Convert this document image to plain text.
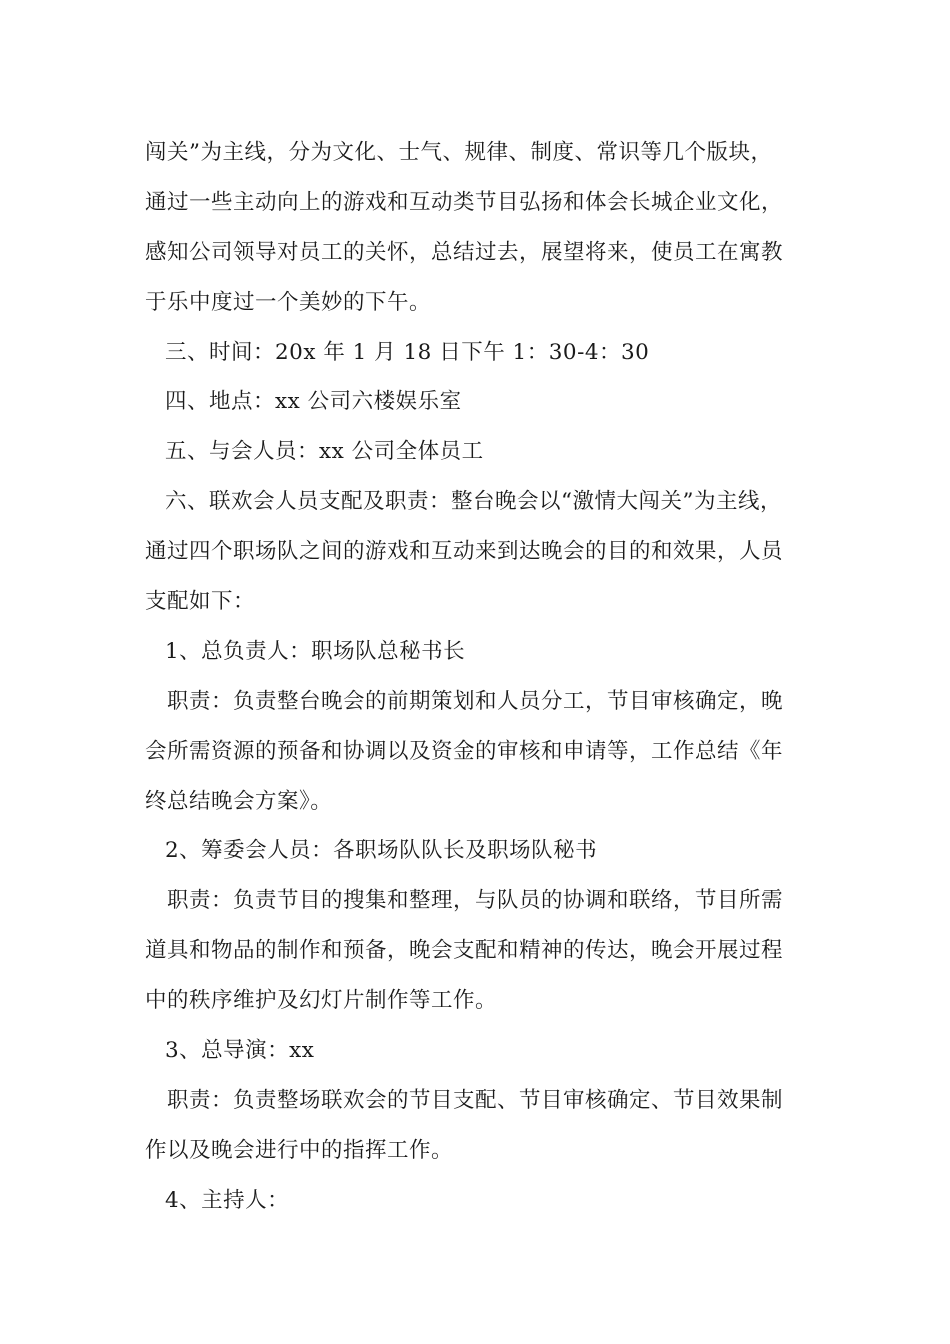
闯关”为主线，分为文化、士气、规律、制度、常识等几个版块，
通过一些主动向上的游戏和互动类节目弘扬和体会长城企业文化，
感知公司领导对员工的关怀，总结过去，展望将来，使员工在寓教
于乐中度过一个美妙的下午。
三、时间：20x 年 1 月 18 日下午 1：30-4：30
四、地点：xx 公司六楼娱乐室
五、与会人员：xx 公司全体员工
六、联欢会人员支配及职责：整台晚会以“激情大闯关”为主线，
通过四个职场队之间的游戏和互动来到达晚会的目的和效果，人员
支配如下：
1、总负责人：职场队总秘书长
职责：负责整台晚会的前期策划和人员分工，节目审核确定，晚
会所需资源的预备和协调以及资金的审核和申请等，工作总结《年
终总结晚会方案》。
2、筹委会人员：各职场队队长及职场队秘书
职责：负责节目的搜集和整理，与队员的协调和联络，节目所需
道具和物品的制作和预备，晚会支配和精神的传达，晚会开展过程
中的秩序维护及幻灯片制作等工作。
3、总导演：xx
职责：负责整场联欢会的节目支配、节目审核确定、节目效果制
作以及晚会进行中的指挥工作。
4、主持人：
